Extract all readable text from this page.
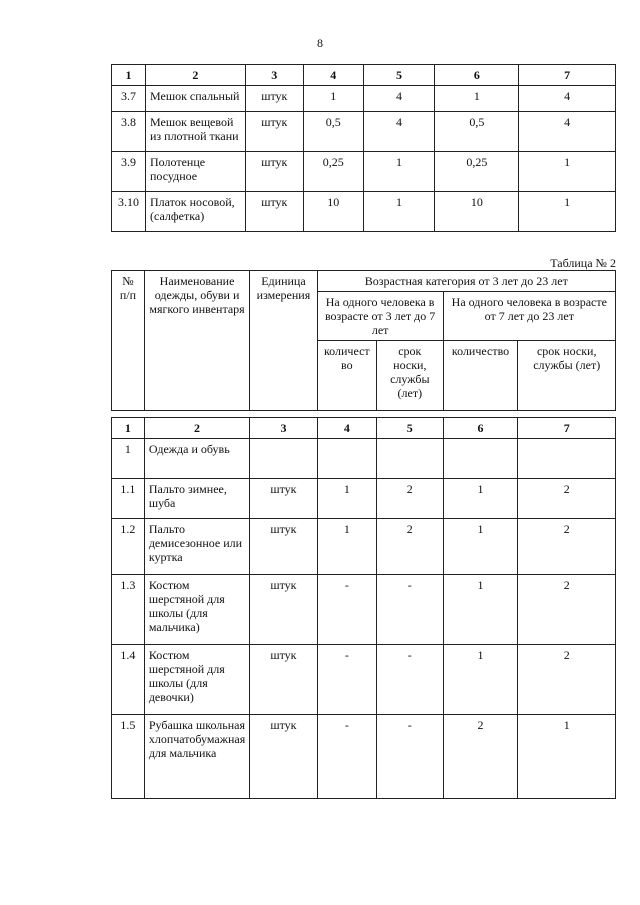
8
1	2	3	4	5	6	7
3.7	Мешок спальный	штук	1	4	1	4
3.8	Мешок вещевой из плотной ткани	штук	0,5	4	0,5	4
3.9	Полотенце посудное	штук	0,25	1	0,25	1
3.10	Платок носовой, (салфетка)	штук	10	1	10	1
Таблица № 2
№ п/п	Наименование одежды, обуви и мягкого инвентаря	Единица измерения	Возрастная категория от 3 лет до 23 лет			
			На одного человека в возрасте от 3 лет до 7 лет		На одного человека в возрасте от 7 лет до 23 лет	
			количест во	срок носки, службы (лет)	количество	срок носки, службы (лет)

1	2	3	4	5	6	7
1	Одежда и обувь					
1.1	Пальто зимнее, шуба	штук	1	2	1	2
1.2	Пальто демисезонное или куртка	штук	1	2	1	2
1.3	Костюм шерстяной для школы (для мальчика)	штук	-	-	1	2
1.4	Костюм шерстяной для школы (для девочки)	штук	-	-	1	2
1.5	Рубашка школьная хлопчатобумажная для мальчика	штук	-	-	2	1
